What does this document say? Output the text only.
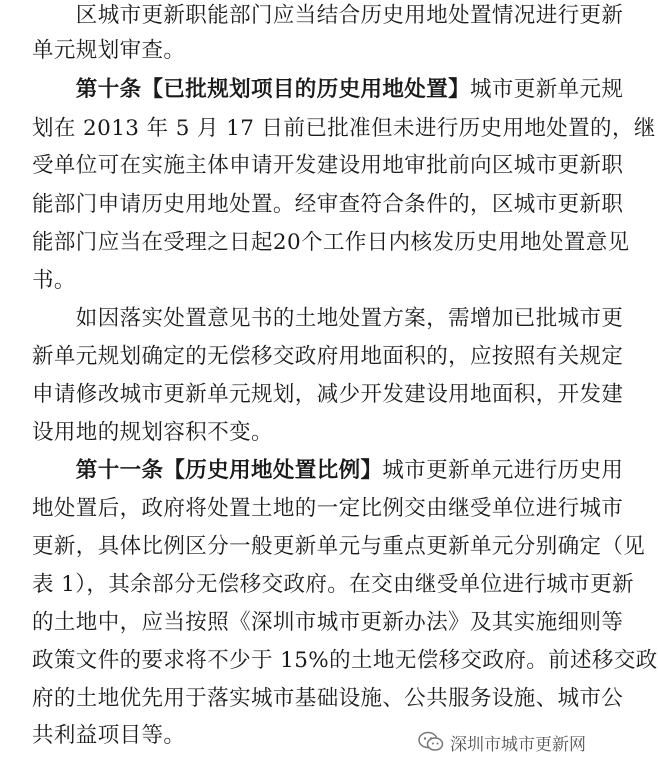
　　区城市更新职能部门应当结合历史用地处置情况进行更新
单元规划审查。
　　第十条【已批规划项目的历史用地处置】城市更新单元规
划在 2013 年 5 月 17 日前已批准但未进行历史用地处置的，继
受单位可在实施主体申请开发建设用地审批前向区城市更新职
能部门申请历史用地处置。经审查符合条件的，区城市更新职
能部门应当在受理之日起20个工作日内核发历史用地处置意见
书。
　　如因落实处置意见书的土地处置方案，需增加已批城市更
新单元规划确定的无偿移交政府用地面积的，应按照有关规定
申请修改城市更新单元规划，减少开发建设用地面积，开发建
设用地的规划容积不变。
　　第十一条【历史用地处置比例】城市更新单元进行历史用
地处置后，政府将处置土地的一定比例交由继受单位进行城市
更新，具体比例区分一般更新单元与重点更新单元分别确定（见
表 1），其余部分无偿移交政府。在交由继受单位进行城市更新
的土地中，应当按照《深圳市城市更新办法》及其实施细则等
政策文件的要求将不少于 15%的土地无偿移交政府。前述移交政
府的土地优先用于落实城市基础设施、公共服务设施、城市公
共利益项目等。	深圳市城市更新网
